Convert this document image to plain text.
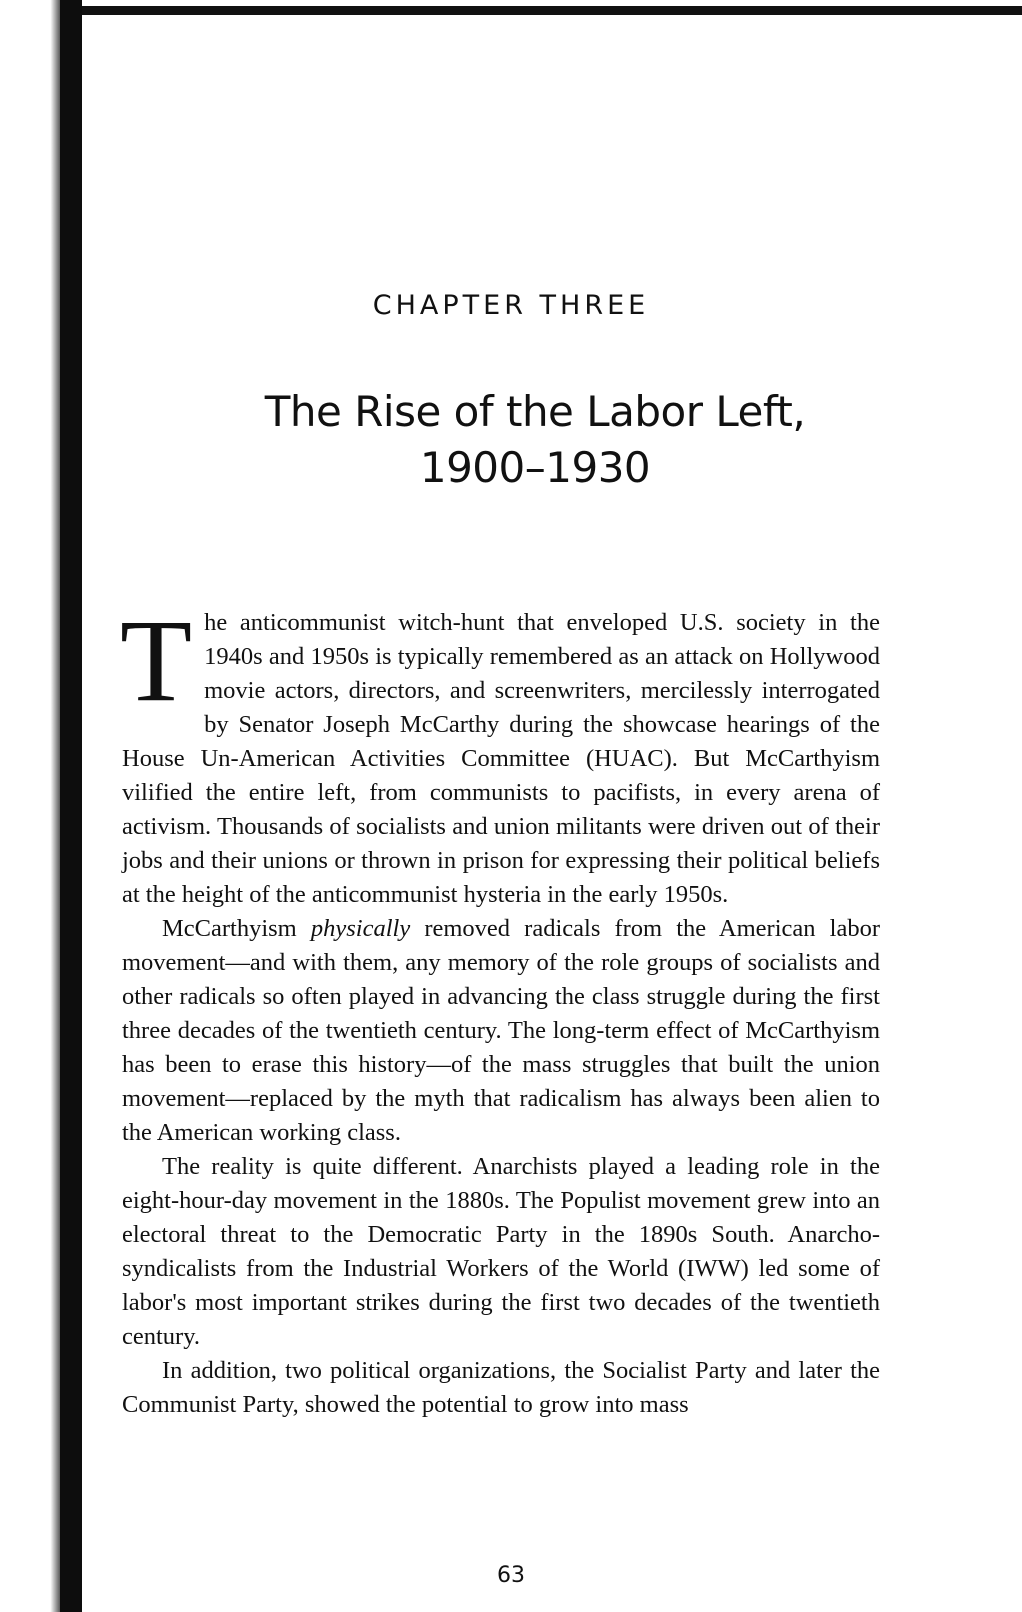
CHAPTER THREE
The Rise of the Labor Left,
1900–1930

The anticommunist witch-hunt that enveloped U.S. society in the 1940s and 1950s is typically remembered as an attack on Hollywood movie actors, directors, and screenwriters, mercilessly interrogated by Senator Joseph McCarthy during the showcase hearings of the House Un-American Activities Committee (HUAC). But McCarthyism vilified the entire left, from communists to pacifists, in every arena of activism. Thousands of socialists and union militants were driven out of their jobs and their unions or thrown in prison for expressing their political beliefs at the height of the anticommunist hysteria in the early 1950s.

McCarthyism physically removed radicals from the American labor movement—and with them, any memory of the role groups of socialists and other radicals so often played in advancing the class struggle during the first three decades of the twentieth century. The long-term effect of McCarthyism has been to erase this history—of the mass struggles that built the union movement—replaced by the myth that radicalism has always been alien to the American working class.

The reality is quite different. Anarchists played a leading role in the eight-hour-day movement in the 1880s. The Populist movement grew into an electoral threat to the Democratic Party in the 1890s South. Anarcho-syndicalists from the Industrial Workers of the World (IWW) led some of labor's most important strikes during the first two decades of the twentieth century.

In addition, two political organizations, the Socialist Party and later the Communist Party, showed the potential to grow into mass

63
